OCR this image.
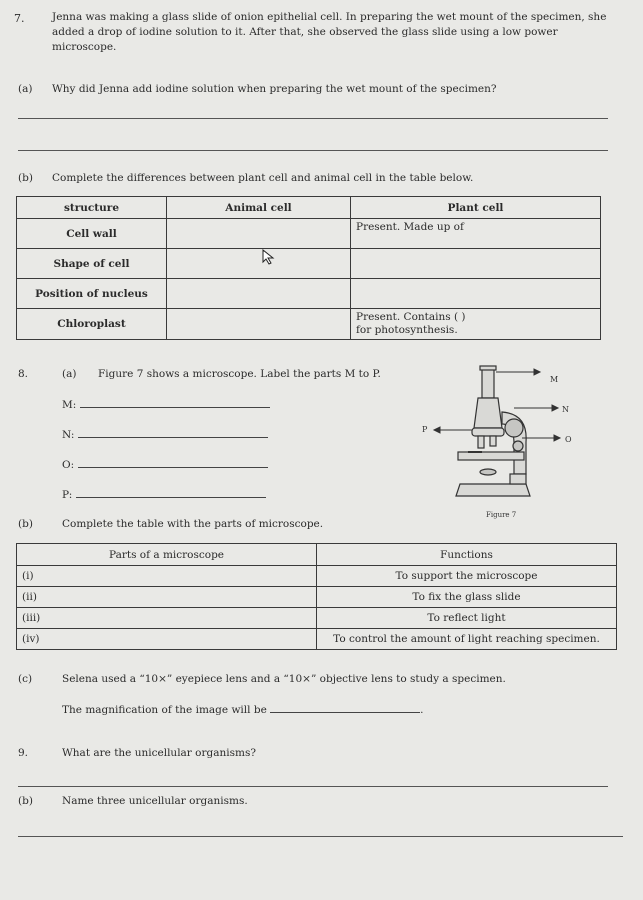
7.	Jenna was making a glass slide of onion epithelial cell. In preparing the wet mount of the specimen, she added a drop of iodine solution to it. After that, she observed the glass slide using a low power microscope.
(a) Why did Jenna add iodine solution when preparing the wet mount of the specimen?
(b) Complete the differences between plant cell and animal cell in the table below.
structure	Animal cell	Plant cell
Cell wall		Present. Made up of
Shape of cell		
Position of nucleus		
Chloroplast		Present. Contains ( )
for photosynthesis.
8.	(a) Figure 7 shows a microscope. Label the parts M to P.
M:
N:
O:
P:
M
N
O
P
Figure 7
(b)	Complete the table with the parts of microscope.
Parts of a microscope	Functions
(i)	To support the microscope
(ii)	To fix the glass slide
(iii)	To reflect light
(iv)	To control the amount of light reaching specimen.
(c)	Selena used a “10×” eyepiece lens and a “10×” objective lens to study a specimen.
The magnification of the image will be	.
9.	What are the unicellular organisms?
(b)	Name three unicellular organisms.
